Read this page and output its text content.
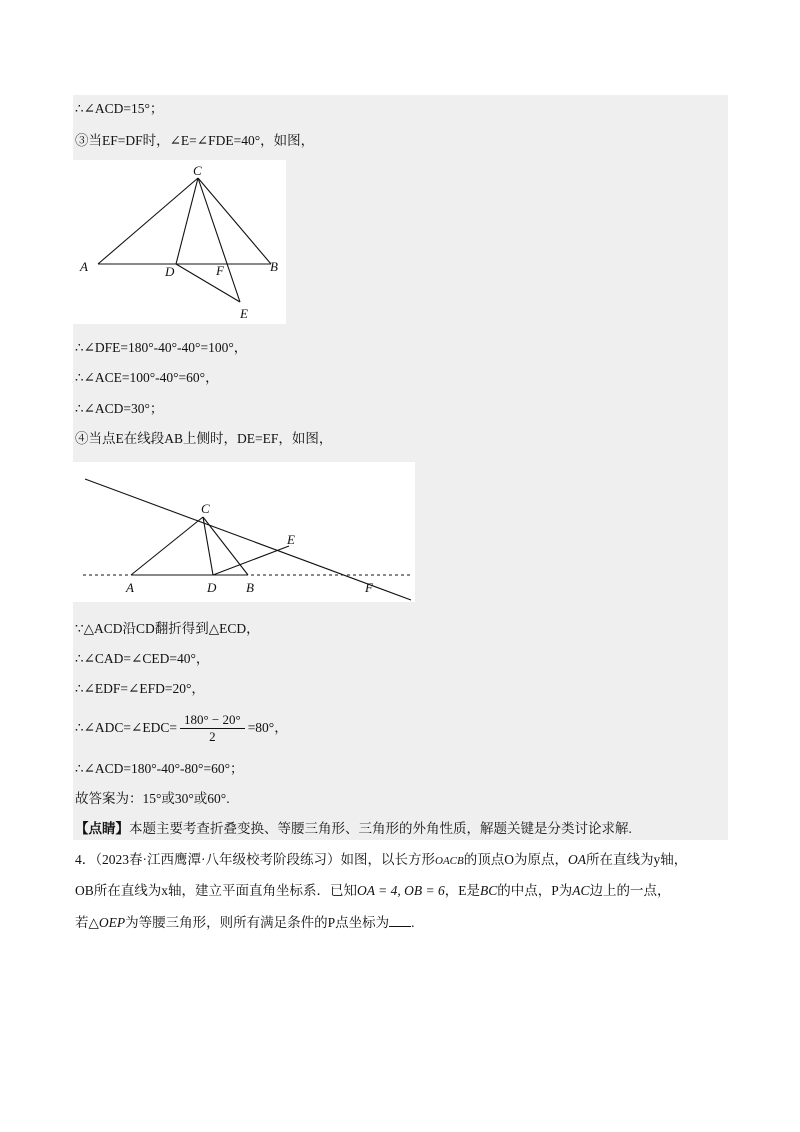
∴∠ACD=15°；
③当EF=DF时，∠E=∠FDE=40°，如图，
C
A	D	F	B
E
∴∠DFE=180°-40°-40°=100°，
∴∠ACE=100°-40°=60°，
∴∠ACD=30°；
④当点E在线段AB上侧时，DE=EF，如图，
C
E
A	D B	F
∵△ACD沿CD翻折得到△ECD，
∴∠CAD=∠CED=40°，
∴∠EDF=∠EFD=20°，
∴∠ADC=∠EDC= $\frac{180^\circ - 20^\circ}{2} =80^\circ$，
∴∠ACD=180°-40°-80°=60°；
故答案为：15°或30°或60°.
【点睛】本题主要考查折叠变换、等腰三角形、三角形的外角性质，解题关键是分类讨论求解.
4．（2023春·江西鹰潭·八年级校考阶段练习）如图，以长方形OACB的顶点O为原点，OA所在直线为y轴，
OB所在直线为x轴，建立平面直角坐标系．已知OA = 4, OB = 6，E是BC的中点，P为AC边上的一点，
若△OEP为等腰三角形，则所有满足条件的P点坐标为 .
